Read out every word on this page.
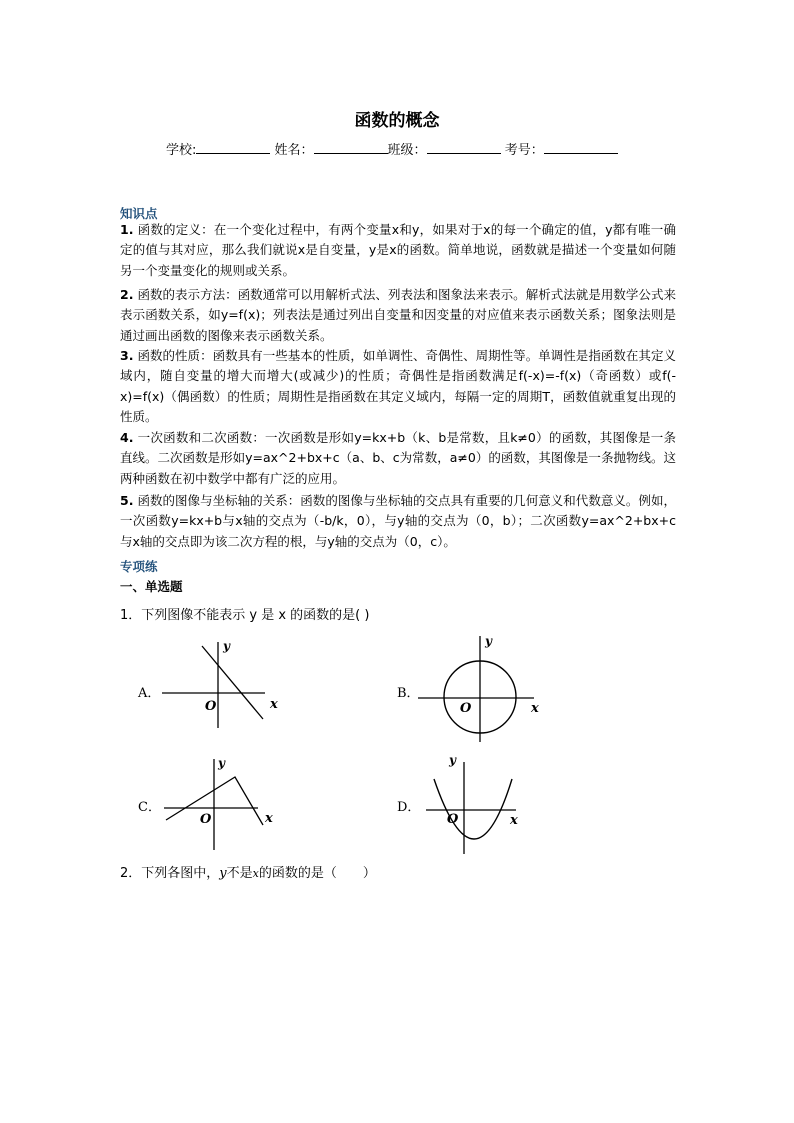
函数的概念
学校:	姓名：	班级：	考号：
知识点
1. 函数的定义：在一个变化过程中，有两个变量x和y，如果对于x的每一个确定的值，y都有唯一确定的值与其对应，那么我们就说x是自变量，y是x的函数。简单地说，函数就是描述一个变量如何随另一个变量变化的规则或关系。
2. 函数的表示方法：函数通常可以用解析式法、列表法和图象法来表示。解析式法就是用数学公式来表示函数关系，如y=f(x)；列表法是通过列出自变量和因变量的对应值来表示函数关系；图象法则是通过画出函数的图像来表示函数关系。
3. 函数的性质：函数具有一些基本的性质，如单调性、奇偶性、周期性等。单调性是指函数在其定义域内，随自变量的增大而增大(或减少)的性质；奇偶性是指函数满足f(-x)=-f(x)（奇函数）或f(-x)=f(x)（偶函数）的性质；周期性是指函数在其定义域内，每隔一定的周期T，函数值就重复出现的性质。
4. 一次函数和二次函数：一次函数是形如y=kx+b（k、b是常数，且k≠0）的函数，其图像是一条直线。二次函数是形如y=ax^2+bx+c（a、b、c为常数，a≠0）的函数，其图像是一条抛物线。这两种函数在初中数学中都有广泛的应用。
5. 函数的图像与坐标轴的关系：函数的图像与坐标轴的交点具有重要的几何意义和代数意义。例如，一次函数y=kx+b与x轴的交点为（-b/k，0），与y轴的交点为（0，b）；二次函数y=ax^2+bx+c与x轴的交点即为该二次方程的根，与y轴的交点为（0，c）。
专项练
一、单选题
1．下列图像不能表示 y 是 x 的函数的是( )
A．
y
x
O
B．
y
x
O
C．
y
x
O
D．
y
x
O
2．下列各图中，y不是x的函数的是（　　）
